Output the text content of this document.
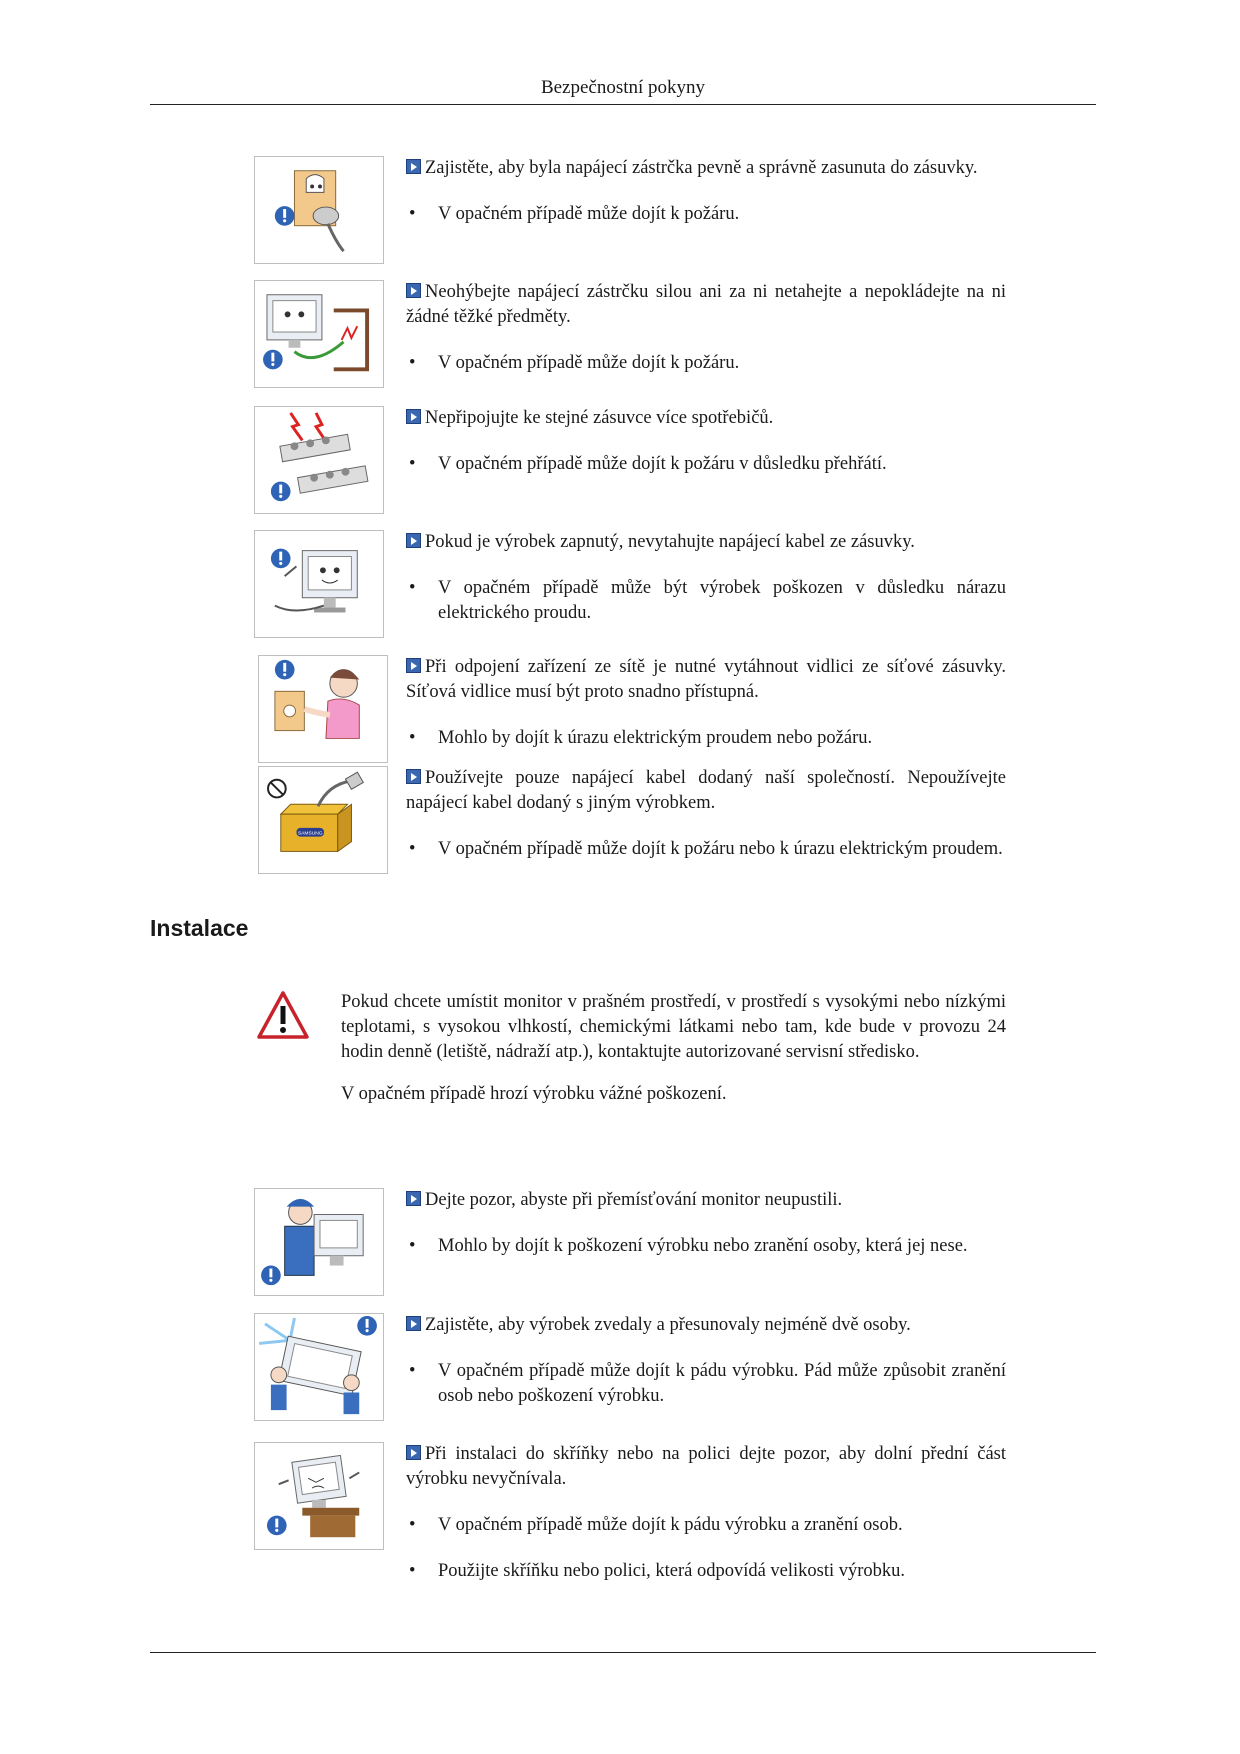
Bezpečnostní pokyny

Zajistěte, aby byla napájecí zástrčka pevně a správně zasunuta do zásuvky.

• V opačném případě může dojít k požáru.

Neohýbejte napájecí zástrčku silou ani za ni netahejte a nepokládejte na ni žádné těžké předměty.

• V opačném případě může dojít k požáru.

Nepřipojujte ke stejné zásuvce více spotřebičů.

• V opačném případě může dojít k požáru v důsledku přehřátí.

Pokud je výrobek zapnutý, nevytahujte napájecí kabel ze zásuvky.

• V opačném případě může být výrobek poškozen v důsledku nárazu elektrického proudu.

Při odpojení zařízení ze sítě je nutné vytáhnout vidlici ze síťové zásuvky. Síťová vidlice musí být proto snadno přístupná.

• Mohlo by dojít k úrazu elektrickým proudem nebo požáru.
SAMSUNG

Používejte pouze napájecí kabel dodaný naší společností. Nepoužívejte napájecí kabel dodaný s jiným výrobkem.

• V opačném případě může dojít k požáru nebo k úrazu elektrickým proudem.
Instalace

Pokud chcete umístit monitor v prašném prostředí, v prostředí s vysokými nebo nízkými teplotami, s vysokou vlhkostí, chemickými látkami nebo tam, kde bude v provozu 24 hodin denně (letiště, nádraží atp.), kontaktujte autorizované servisní středisko.

V opačném případě hrozí výrobku vážné poškození.

Dejte pozor, abyste při přemísťování monitor neupustili.

• Mohlo by dojít k poškození výrobku nebo zranění osoby, která jej nese.

Zajistěte, aby výrobek zvedaly a přesunovaly nejméně dvě osoby.

• V opačném případě může dojít k pádu výrobku. Pád může způsobit zranění osob nebo poškození výrobku.

Při instalaci do skříňky nebo na polici dejte pozor, aby dolní přední část výrobku nevyčnívala.

• V opačném případě může dojít k pádu výrobku a zranění osob.
• Použijte skříňku nebo polici, která odpovídá velikosti výrobku.
